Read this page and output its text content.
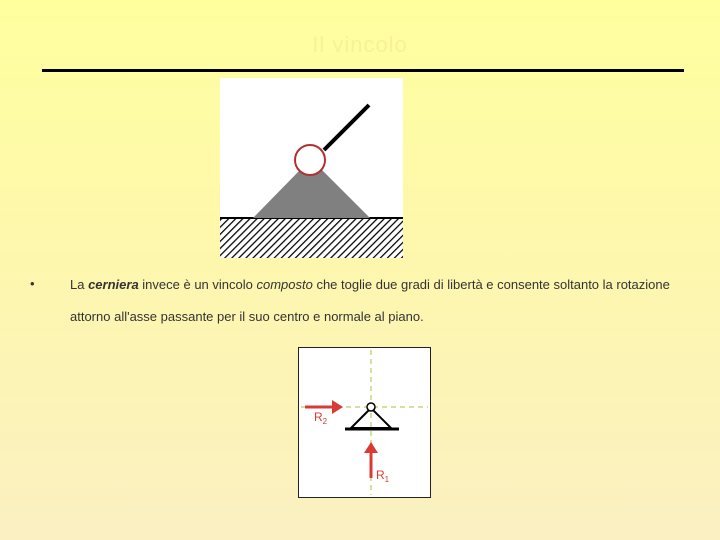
Il vincolo
•	La cerniera invece è un vincolo composto che toglie due gradi di libertà e consente soltanto la rotazione attorno all'asse passante per il suo centro e normale al piano.
$R_2$
$R_1$
